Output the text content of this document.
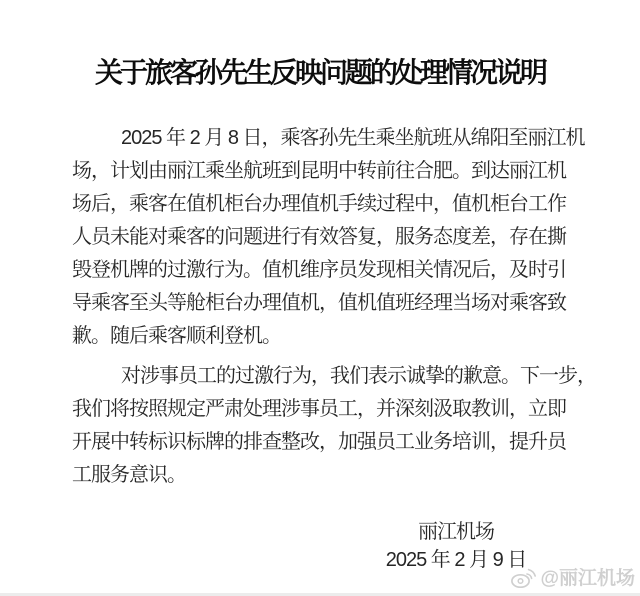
关于旅客孙先生反映问题的处理情况说明
2025 年 2 月 8 日，乘客孙先生乘坐航班从绵阳至丽江机
场，计划由丽江乘坐航班到昆明中转前往合肥。到达丽江机
场后，乘客在值机柜台办理值机手续过程中，值机柜台工作
人员未能对乘客的问题进行有效答复，服务态度差，存在撕
毁登机牌的过激行为。值机维序员发现相关情况后，及时引
导乘客至头等舱柜台办理值机，值机值班经理当场对乘客致
歉。随后乘客顺利登机。
对涉事员工的过激行为，我们表示诚挚的歉意。下一步，
我们将按照规定严肃处理涉事员工，并深刻汲取教训，立即
开展中转标识标牌的排查整改，加强员工业务培训，提升员
工服务意识。
丽江机场
2025 年 2 月 9 日
@丽江机场
